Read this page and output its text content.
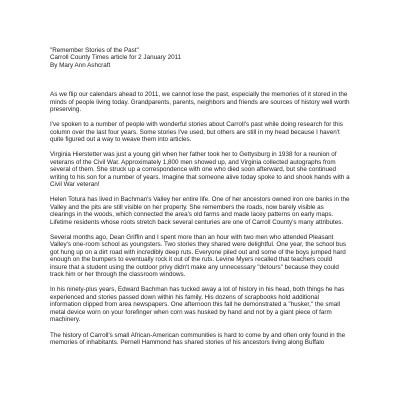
"Remember Stories of the Past"
Carroll County Times article for 2 January 2011
By Mary Ann Ashcraft

As we flip our calendars ahead to 2011, we cannot lose the past, especially the memories of it stored in the minds of people living today. Grandparents, parents, neighbors and friends are sources of history well worth preserving.

I've spoken to a number of people with wonderful stories about Carroll's past while doing research for this column over the last four years. Some stories I've used, but others are still in my head because I haven't quite figured out a way to weave them into articles.

Virginia Hierstetter was just a young girl when her father took her to Gettysburg in 1938 for a reunion of veterans of the Civil War. Approximately 1,800 men showed up, and Virginia collected autographs from several of them. She struck up a correspondence with one who died soon afterward, but she continued writing to his son for a number of years. Imagine that someone alive today spoke to and shook hands with a Civil War veteran!

Helen Totura has lived in Bachman's Valley her entire life. One of her ancestors owned iron ore banks in the Valley and the pits are still visible on her property. She remembers the roads, now barely visible as clearings in the woods, which connected the area's old farms and made lacey patterns on early maps. Lifetime residents whose roots stretch back several centuries are one of Carroll County's many attributes.

Several months ago, Dean Griffin and I spent more than an hour with two men who attended Pleasant Valley's one-room school as youngsters. Two stories they shared were delightful. One year, the school bus got hung up on a dirt road with incredibly deep ruts. Everyone piled out and some of the boys jumped hard enough on the bumpers to eventually rock it out of the ruts. Levine Myers recalled that teachers could insure that a student using the outdoor privy didn't make any unnecessary "detours" because they could track him or her through the classroom windows.

In his ninety-plus years, Edward Bachman has tucked away a lot of history in his head, both things he has experienced and stories passed down within his family. His dozens of scrapbooks hold additional information clipped from area newspapers. One afternoon this fall he demonstrated a "husker," the small metal device worn on your forefinger when corn was husked by hand and not by a giant piece of farm machinery.

The history of Carroll's small African-American communities is hard to come by and often only found in the memories of inhabitants. Pernell Hammond has shared stories of his ancestors living along Buffalo
